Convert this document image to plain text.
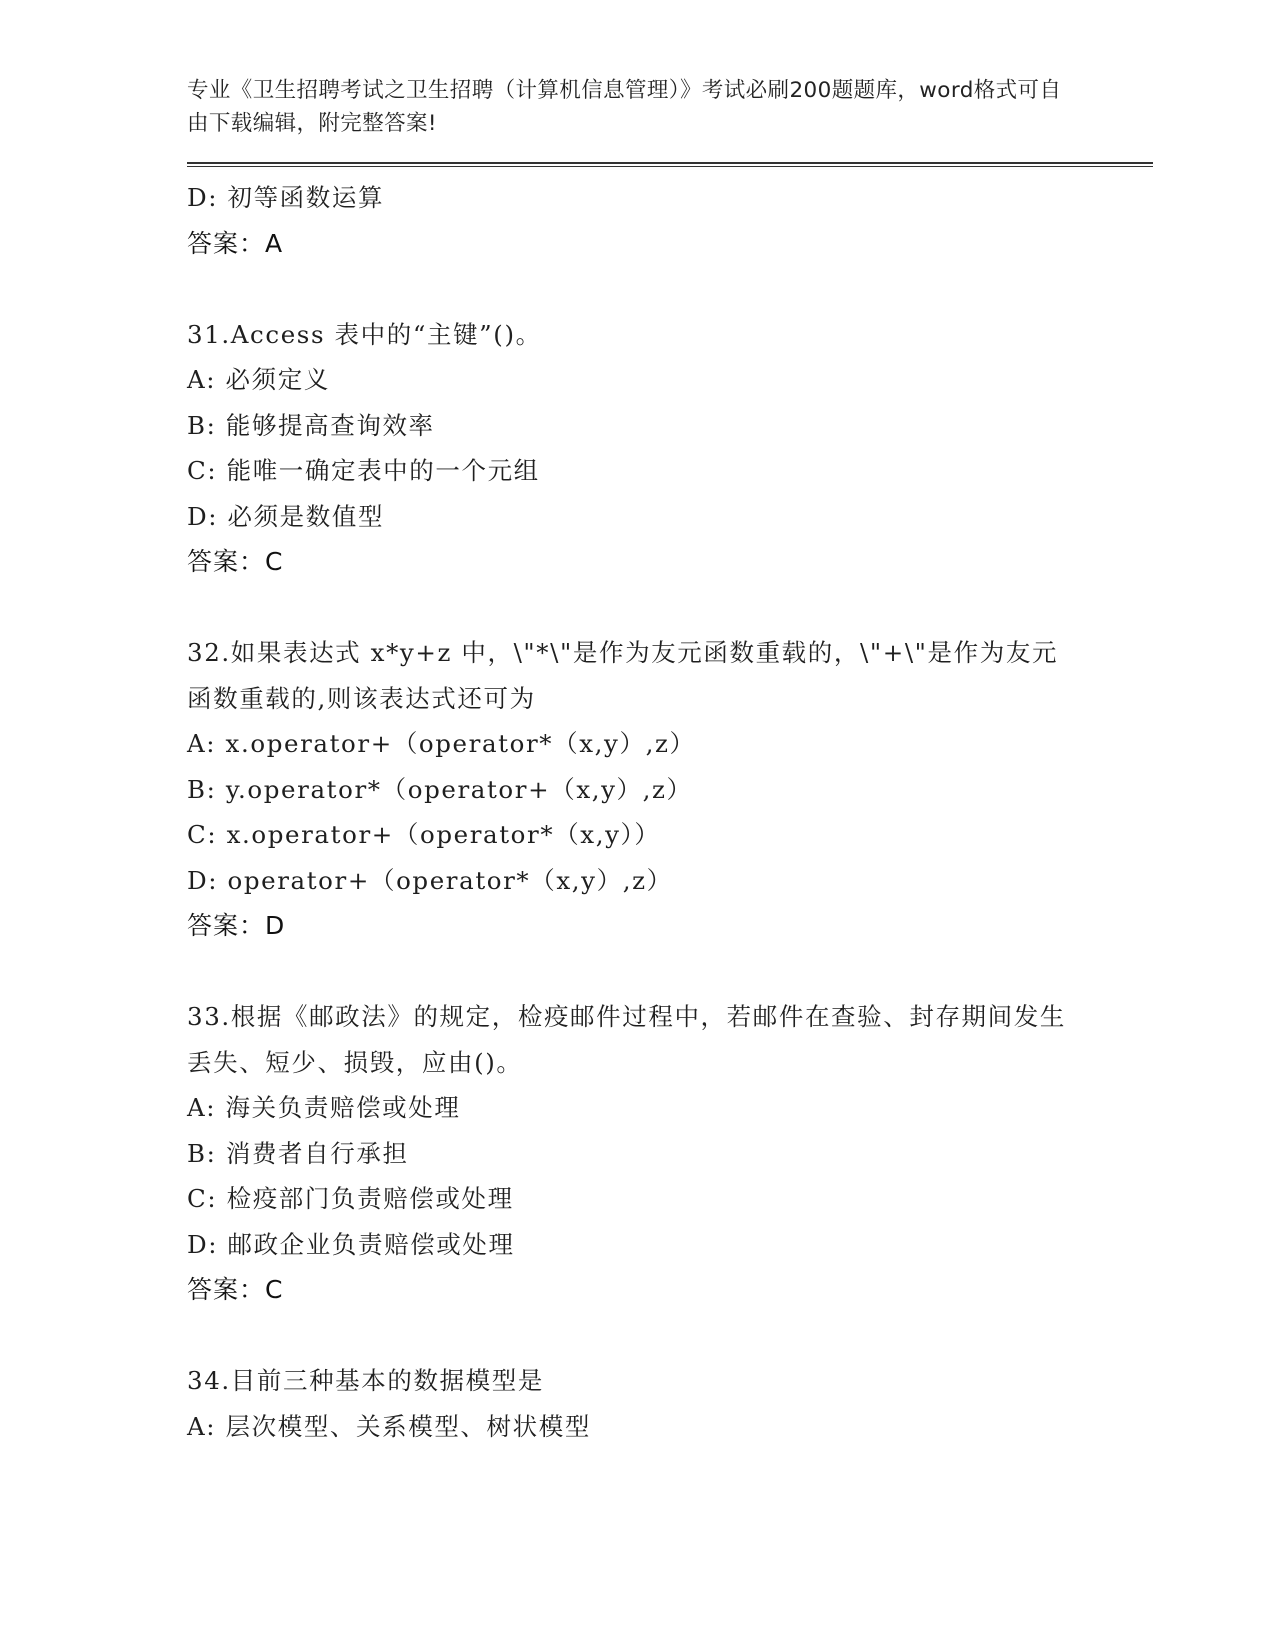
专业《卫生招聘考试之卫生招聘（计算机信息管理）》考试必刷200题题库，word格式可自由下载编辑，附完整答案!
D: 初等函数运算
答案：A
31.Access 表中的“主键”()。
A: 必须定义
B: 能够提高查询效率
C: 能唯一确定表中的一个元组
D: 必须是数值型
答案：C
32.如果表达式 x*y+z 中，\"*\"是作为友元函数重载的，\"+\"是作为友元函数重载的,则该表达式还可为
A: x.operator+（operator*（x,y）,z）
B: y.operator*（operator+（x,y）,z）
C: x.operator+（operator*（x,y））
D: operator+（operator*（x,y）,z）
答案：D
33.根据《邮政法》的规定，检疫邮件过程中，若邮件在查验、封存期间发生丢失、短少、损毁，应由()。
A: 海关负责赔偿或处理
B: 消费者自行承担
C: 检疫部门负责赔偿或处理
D: 邮政企业负责赔偿或处理
答案：C
34.目前三种基本的数据模型是
A: 层次模型、关系模型、树状模型
